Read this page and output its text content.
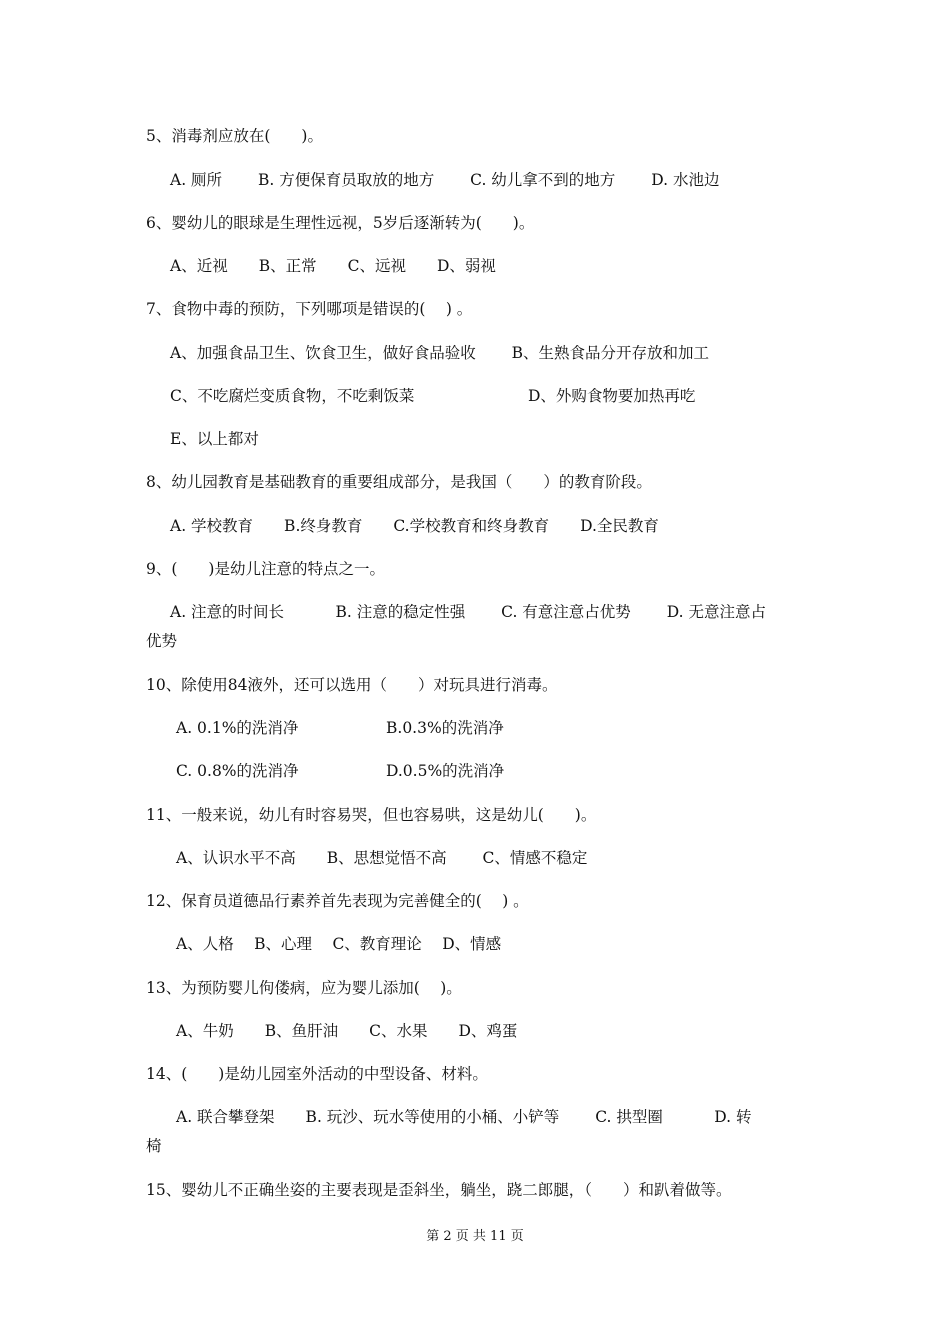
5、消毒剂应放在(　　)。
A. 厕所　　 B. 方便保育员取放的地方　　 C. 幼儿拿不到的地方　　 D. 水池边
6、婴幼儿的眼球是生理性远视，5岁后逐渐转为(　　)。
A、近视　　B、正常　　C、远视　　D、弱视
7、食物中毒的预防，下列哪项是错误的(　 ) 。
A、加强食品卫生、饮食卫生，做好食品验收　　 B、生熟食品分开存放和加工
C、不吃腐烂变质食物，不吃剩饭菜	D、外购食物要加热再吃
E、以上都对
8、幼儿园教育是基础教育的重要组成部分，是我国（　　）的教育阶段。
A. 学校教育　　B.终身教育　　C.学校教育和终身教育　　D.全民教育
9、(　　)是幼儿注意的特点之一。
A. 注意的时间长　　　 B. 注意的稳定性强　　 C. 有意注意占优势　　 D. 无意注意占
优势
10、除使用84液外，还可以选用（　　）对玩具进行消毒。
A. 0.1%的洗消净	B.0.3%的洗消净
C. 0.8%的洗消净	D.0.5%的洗消净
11、一般来说，幼儿有时容易哭，但也容易哄，这是幼儿(　　)。
A、认识水平不高　　B、思想觉悟不高　　 C、情感不稳定
12、保育员道德品行素养首先表现为完善健全的(　 ) 。
A、人格　 B、心理　 C、教育理论　 D、情感
13、为预防婴儿佝偻病，应为婴儿添加(　 )。
A、牛奶　　B、鱼肝油　　C、水果　　D、鸡蛋
14、(　　)是幼儿园室外活动的中型设备、材料。
A. 联合攀登架　　B. 玩沙、玩水等使用的小桶、小铲等　　 C. 拱型圈　　　 D. 转
椅
15、婴幼儿不正确坐姿的主要表现是歪斜坐，躺坐，跷二郎腿，（　　）和趴着做等。
第 2 页 共 11 页
